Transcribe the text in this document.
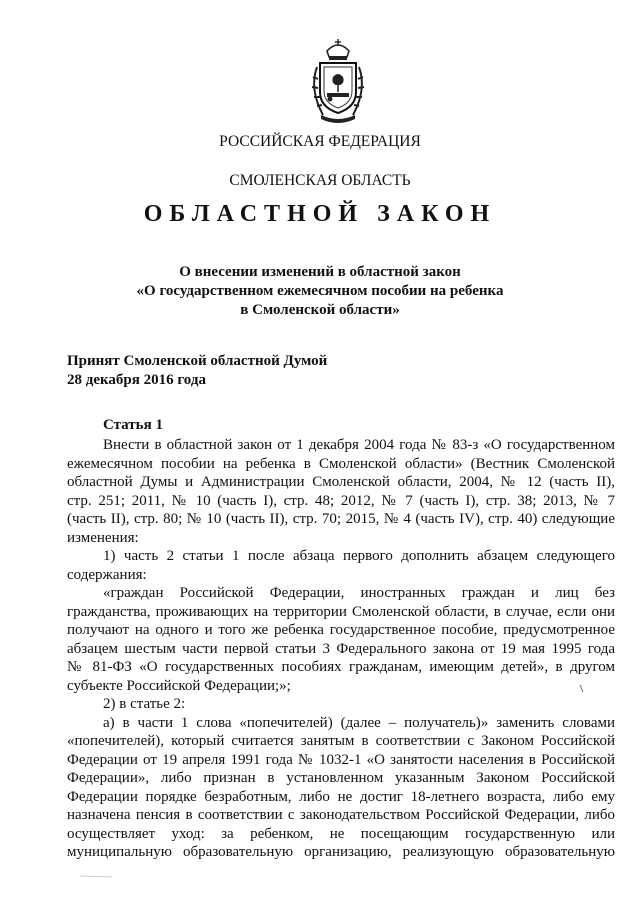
РОССИЙСКАЯ ФЕДЕРАЦИЯ
СМОЛЕНСКАЯ ОБЛАСТЬ
ОБЛАСТНОЙ ЗАКОН
О внесении изменений в областной закон
«О государственном ежемесячном пособии на ребенка
в Смоленской области»
Принят Смоленской областной Думой
28 декабря 2016 года
Статья 1
Внести в областной закон от 1 декабря 2004 года № 83-з «О государственном
ежемесячном пособии на ребенка в Смоленской области» (Вестник Смоленской
областной Думы и Администрации Смоленской области, 2004, № 12 (часть II),
стр. 251; 2011, № 10 (часть I), стр. 48; 2012, № 7 (часть I), стр. 38; 2013, № 7
(часть II), стр. 80; № 10 (часть II), стр. 70; 2015, № 4 (часть IV), стр. 40) следующие
изменения:
1) часть 2 статьи 1 после абзаца первого дополнить абзацем следующего
содержания:
«граждан Российской Федерации, иностранных граждан и лиц без
гражданства, проживающих на территории Смоленской области, в случае, если они
получают на одного и того же ребенка государственное пособие, предусмотренное
абзацем шестым части первой статьи 3 Федерального закона от 19 мая 1995 года
№ 81-ФЗ «О государственных пособиях гражданам, имеющим детей», в другом
субъекте Российской Федерации;»;
2) в статье 2:
а) в части 1 слова «попечителей) (далее – получатель)» заменить словами
«попечителей), который считается занятым в соответствии с Законом Российской
Федерации от 19 апреля 1991 года № 1032-1 «О занятости населения в Российской
Федерации», либо признан в установленном указанным Законом Российской
Федерации порядке безработным, либо не достиг 18-летнего возраста, либо ему
назначена пенсия в соответствии с законодательством Российской Федерации, либо
осуществляет уход: за ребенком, не посещающим государственную или
муниципальную образовательную организацию, реализующую образовательную
